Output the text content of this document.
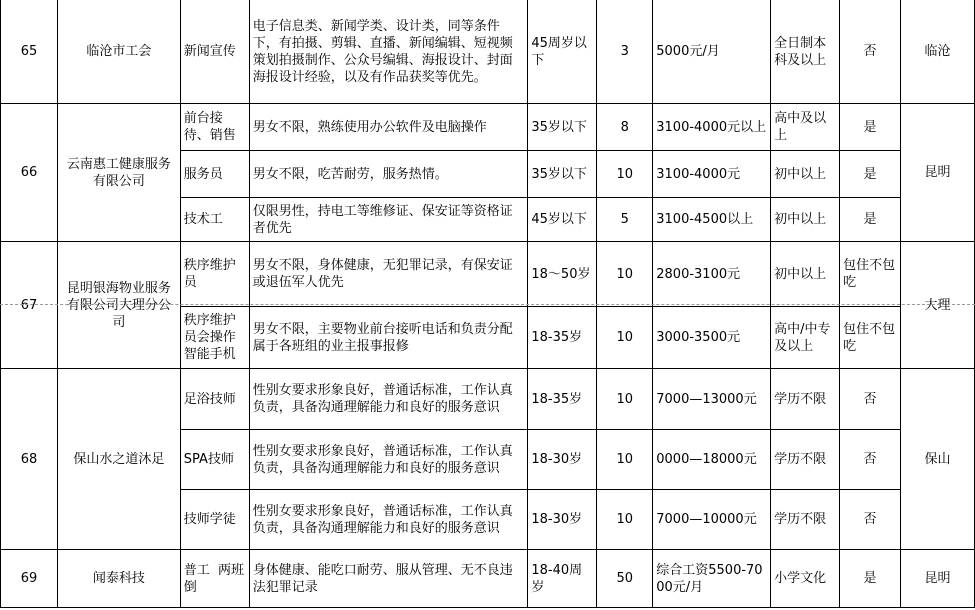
65	临沧市工会	新闻宣传	电子信息类、新闻学类、设计类，同等条件下，有拍摄、剪辑、直播、新闻编辑、短视频策划拍摄制作、公众号编辑、海报设计、封面海报设计经验，以及有作品获奖等优先。	45周岁以下	3	5000元/月	全日制本科及以上	否	临沧
66	云南惠工健康服务有限公司	前台接待、销售	男女不限，熟练使用办公软件及电脑操作	35岁以下	8	3100-4000元以上	高中及以上	是	昆明
		服务员	男女不限，吃苦耐劳，服务热情。	35岁以下	10	3100-4000元	初中以上	是	
		技术工	仅限男性，持电工等维修证、保安证等资格证者优先	45岁以下	5	3100-4500以上	初中以上	是	
67	昆明银海物业服务有限公司大理分公司	秩序维护员	男女不限，身体健康，无犯罪记录，有保安证或退伍军人优先	18～50岁	10	2800-3100元	初中以上	包住不包吃	大理
		秩序维护员会操作智能手机	男女不限，主要物业前台接听电话和负责分配属于各班组的业主报事报修	18-35岁	10	3000-3500元	高中/中专及以上	包住不包吃	
68	保山水之道沐足	足浴技师	性别女要求形象良好，普通话标准，工作认真负责，具备沟通理解能力和良好的服务意识	18-35岁	10	7000—13000元	学历不限	否	保山
		SPA技师	性别女要求形象良好，普通话标准，工作认真负责，具备沟通理解能力和良好的服务意识	18-30岁	10	0000—18000元	学历不限	否	
		技师学徒	性别女要求形象良好，普通话标准，工作认真负责，具备沟通理解能力和良好的服务意识	18-30岁	10	7000—10000元	学历不限	否	
69	闻泰科技	普工  两班倒	身体健康、能吃口耐劳、服从管理、无不良违法犯罪记录	18-40周岁	50	综合工资5500-7000元/月	小学文化	是	昆明
